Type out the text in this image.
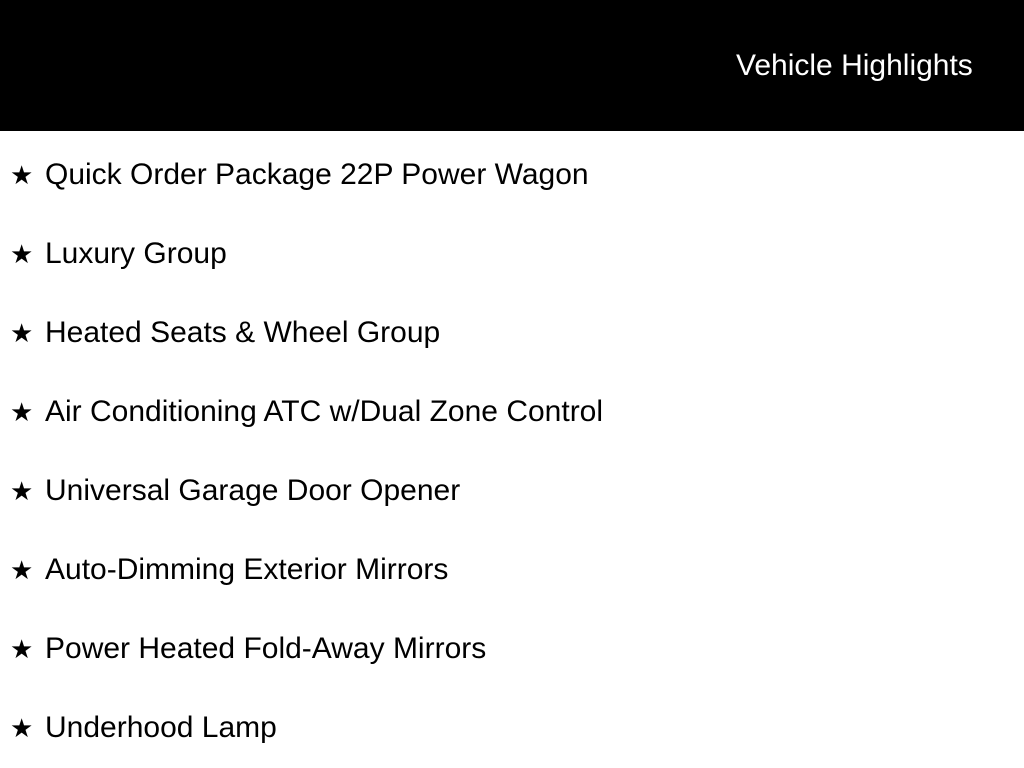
Vehicle Highlights
★ Quick Order Package 22P Power Wagon
★ Luxury Group
★ Heated Seats & Wheel Group
★ Air Conditioning ATC w/Dual Zone Control
★ Universal Garage Door Opener
★ Auto-Dimming Exterior Mirrors
★ Power Heated Fold-Away Mirrors
★ Underhood Lamp
